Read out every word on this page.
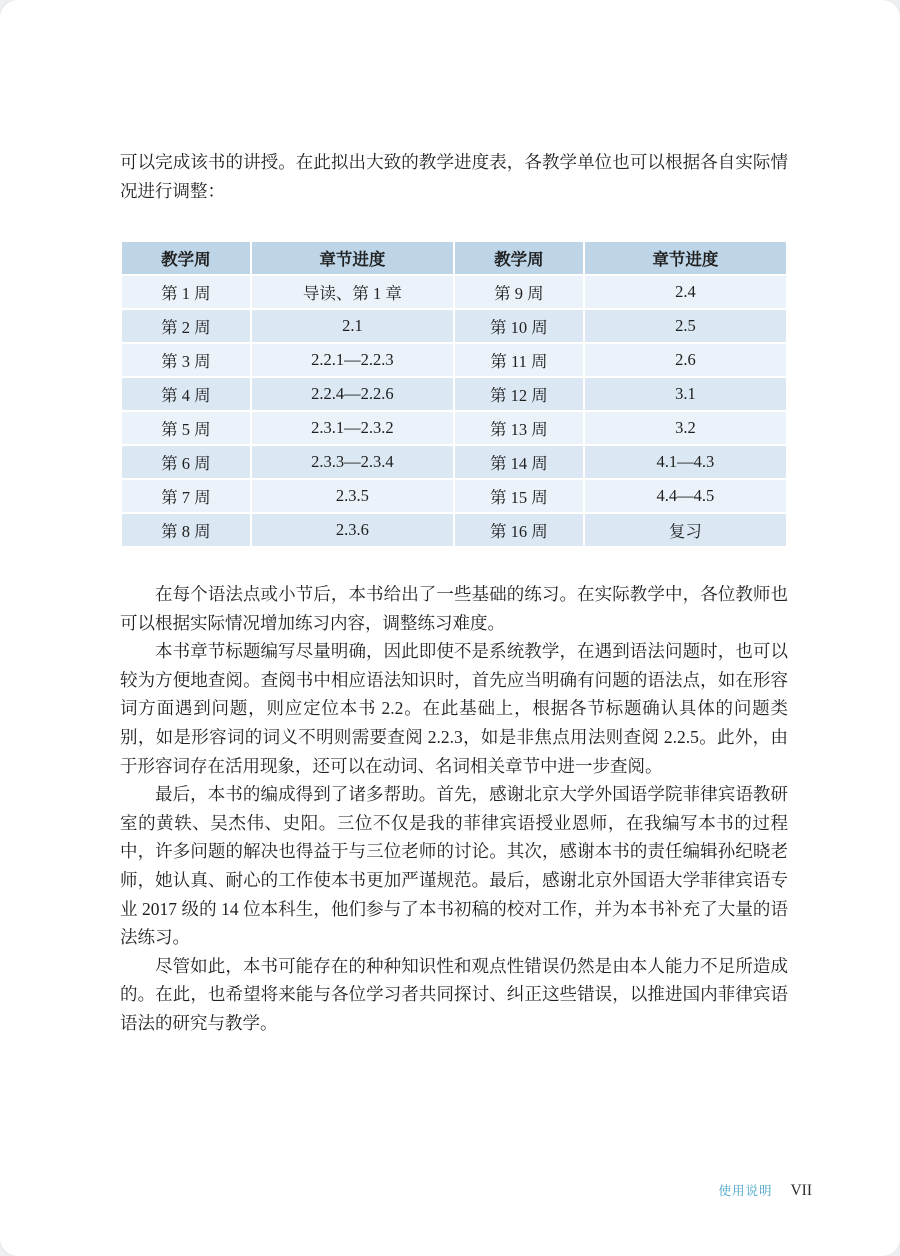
可以完成该书的讲授。在此拟出大致的教学进度表，各教学单位也可以根据各自实际情况进行调整：
教学周	章节进度	教学周	章节进度
第 1 周	导读、第 1 章	第 9 周	2.4
第 2 周	2.1	第 10 周	2.5
第 3 周	2.2.1—2.2.3	第 11 周	2.6
第 4 周	2.2.4—2.2.6	第 12 周	3.1
第 5 周	2.3.1—2.3.2	第 13 周	3.2
第 6 周	2.3.3—2.3.4	第 14 周	4.1—4.3
第 7 周	2.3.5	第 15 周	4.4—4.5
第 8 周	2.3.6	第 16 周	复习

在每个语法点或小节后，本书给出了一些基础的练习。在实际教学中，各位教师也可以根据实际情况增加练习内容，调整练习难度。

本书章节标题编写尽量明确，因此即使不是系统教学，在遇到语法问题时，也可以较为方便地查阅。查阅书中相应语法知识时，首先应当明确有问题的语法点，如在形容词方面遇到问题，则应定位本书 2.2。在此基础上，根据各节标题确认具体的问题类别，如是形容词的词义不明则需要查阅 2.2.3，如是非焦点用法则查阅 2.2.5。此外，由于形容词存在活用现象，还可以在动词、名词相关章节中进一步查阅。

最后，本书的编成得到了诸多帮助。首先，感谢北京大学外国语学院菲律宾语教研室的黄轶、吴杰伟、史阳。三位不仅是我的菲律宾语授业恩师，在我编写本书的过程中，许多问题的解决也得益于与三位老师的讨论。其次，感谢本书的责任编辑孙纪晓老师，她认真、耐心的工作使本书更加严谨规范。最后，感谢北京外国语大学菲律宾语专业 2017 级的 14 位本科生，他们参与了本书初稿的校对工作，并为本书补充了大量的语法练习。

尽管如此，本书可能存在的种种知识性和观点性错误仍然是由本人能力不足所造成的。在此，也希望将来能与各位学习者共同探讨、纠正这些错误，以推进国内菲律宾语语法的研究与教学。

使用说明 VII
